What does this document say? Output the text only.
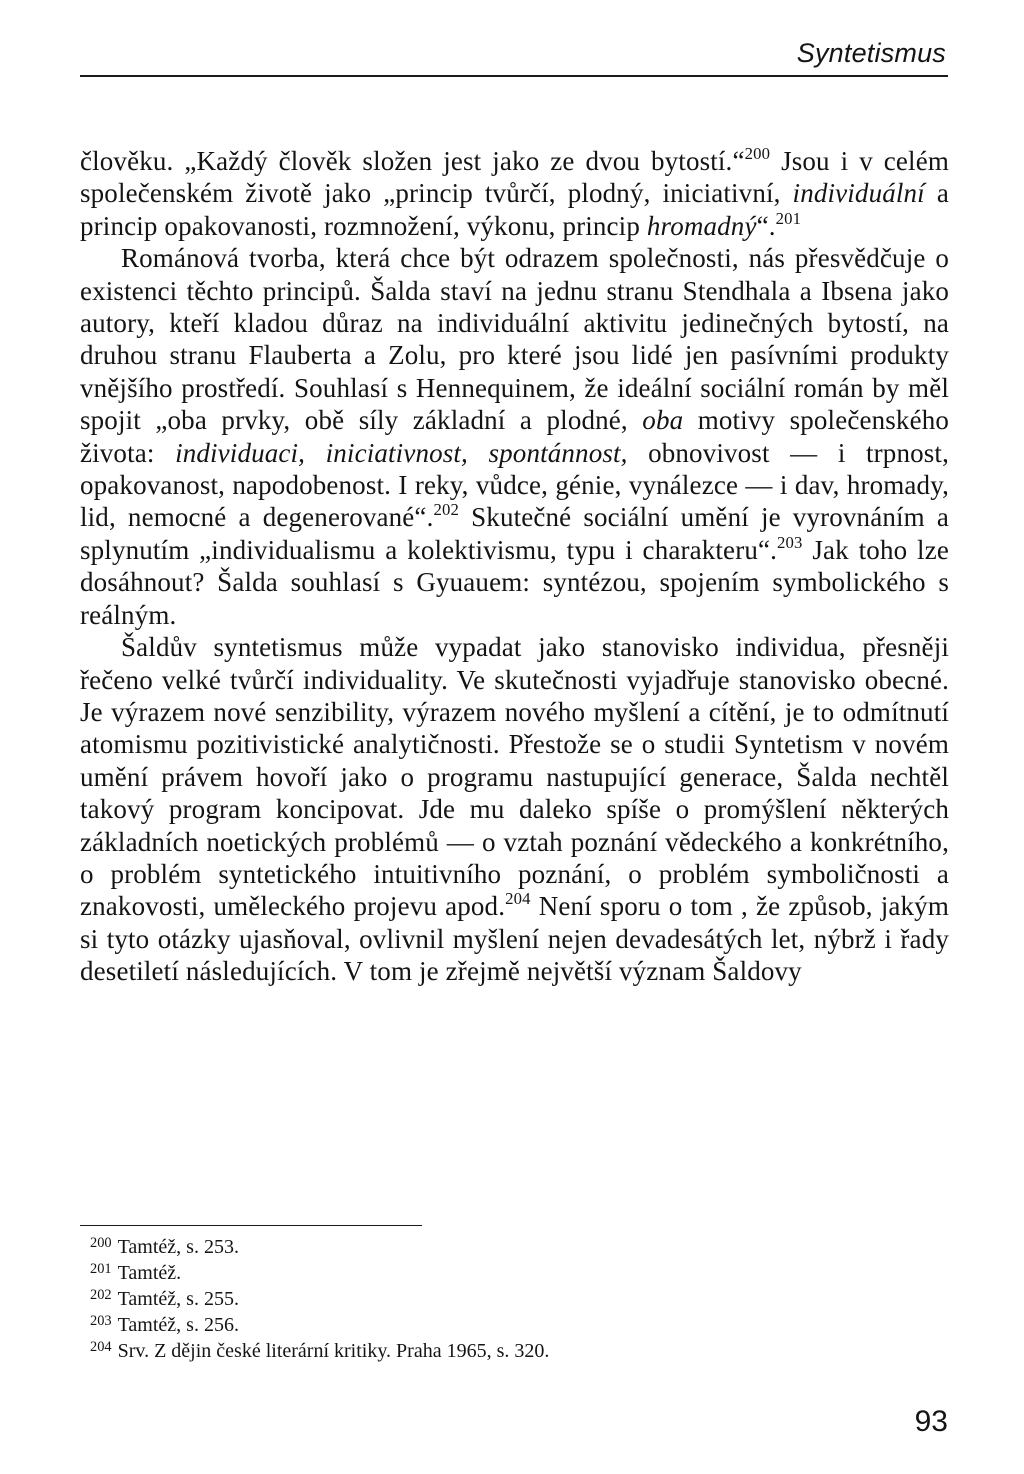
Syntetismus

člověku. „Každý člověk složen jest jako ze dvou bytostí.“$^{200}$ Jsou i v celém společenském životě jako „princip tvůrčí, plodný, iniciativní, individuální a princip opakovanosti, rozmnožení, výkonu, princip hromadný“.$^{201}$

Románová tvorba, která chce být odrazem společnosti, nás přesvědčuje o existenci těchto principů. Šalda staví na jednu stranu Stendhala a Ibsena jako autory, kteří kladou důraz na individuální aktivitu jedinečných bytostí, na druhou stranu Flauberta a Zolu, pro které jsou lidé jen pasívními produkty vnějšího prostředí. Souhlasí s Hennequinem, že ideální sociální román by měl spojit „oba prvky, obě síly základní a plodné, oba motivy společenského života: individuaci, iniciativnost, spontánnost, obnovivost — i trpnost, opakovanost, napodobenost. I reky, vůdce, génie, vynálezce — i dav, hromady, lid, nemocné a degenerované“.$^{202}$ Skutečné sociální umění je vyrovnáním a splynutím „individualismu a kolektivismu, typu i charakteru“.$^{203}$ Jak toho lze dosáhnout? Šalda souhlasí s Gyuauem: syntézou, spojením symbolického s reálným.

Šaldův syntetismus může vypadat jako stanovisko individua, přesněji řečeno velké tvůrčí individuality. Ve skutečnosti vyjadřuje stanovisko obecné. Je výrazem nové senzibility, výrazem nového myšlení a cítění, je to odmítnutí atomismu pozitivistické analytičnosti. Přestože se o studii Syntetism v novém umění právem hovoří jako o programu nastupující generace, Šalda nechtěl takový program koncipovat. Jde mu daleko spíše o promýšlení některých základních noetických problémů — o vztah poznání vědeckého a konkrétního, o problém syntetického intuitivního poznání, o problém symboličnosti a znakovosti, uměleckého projevu apod.$^{204}$ Není sporu o tom , že způsob, jakým si tyto otázky ujasňoval, ovlivnil myšlení nejen devadesátých let, nýbrž i řady desetiletí následujících. V tom je zřejmě největší význam Šaldovy

$^{200}$ Tamtéž, s. 253.
$^{201}$ Tamtéž.
$^{202}$ Tamtéž, s. 255.
$^{203}$ Tamtéž, s. 256.
$^{204}$ Srv. Z dějin české literární kritiky. Praha 1965, s. 320.
93
